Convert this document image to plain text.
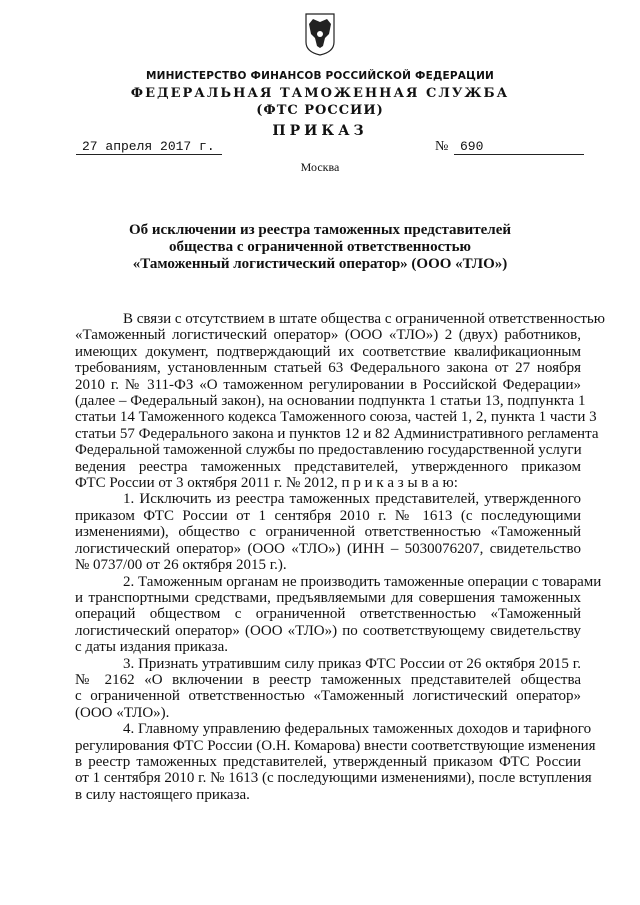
МИНИСТЕРСТВО ФИНАНСОВ РОССИЙСКОЙ ФЕДЕРАЦИИ
ФЕДЕРАЛЬНАЯ ТАМОЖЕННАЯ СЛУЖБА
(ФТС РОССИИ)
ПРИКАЗ
27 апреля 2017 г.	№ 690
Москва
Об исключении из реестра таможенных представителей
общества с ограниченной ответственностью
«Таможенный логистический оператор» (ООО «ТЛО»)
В связи с отсутствием в штате общества с ограниченной ответственностью
«Таможенный логистический оператор» (ООО «ТЛО») 2 (двух) работников,
имеющих документ, подтверждающий их соответствие квалификационным
требованиям, установленным статьей 63 Федерального закона от 27 ноября
2010 г. № 311-ФЗ «О таможенном регулировании в Российской Федерации»
(далее – Федеральный закон), на основании подпункта 1 статьи 13, подпункта 1
статьи 14 Таможенного кодекса Таможенного союза, частей 1, 2, пункта 1 части 3
статьи 57 Федерального закона и пунктов 12 и 82 Административного регламента
Федеральной таможенной службы по предоставлению государственной услуги
ведения реестра таможенных представителей, утвержденного приказом
ФТС России от 3 октября 2011 г. № 2012, п р и к а з ы в а ю:
1. Исключить из реестра таможенных представителей, утвержденного
приказом ФТС России от 1 сентября 2010 г. № 1613 (с последующими
изменениями), общество с ограниченной ответственностью «Таможенный
логистический оператор» (ООО «ТЛО») (ИНН – 5030076207, свидетельство
№ 0737/00 от 26 октября 2015 г.).
2. Таможенным органам не производить таможенные операции с товарами
и транспортными средствами, предъявляемыми для совершения таможенных
операций обществом с ограниченной ответственностью «Таможенный
логистический оператор» (ООО «ТЛО») по соответствующему свидетельству
с даты издания приказа.
3. Признать утратившим силу приказ ФТС России от 26 октября 2015 г.
№ 2162 «О включении в реестр таможенных представителей общества
с ограниченной ответственностью «Таможенный логистический оператор»
(ООО «ТЛО»).
4. Главному управлению федеральных таможенных доходов и тарифного
регулирования ФТС России (О.Н. Комарова) внести соответствующие изменения
в реестр таможенных представителей, утвержденный приказом ФТС России
от 1 сентября 2010 г. № 1613 (с последующими изменениями), после вступления
в силу настоящего приказа.
